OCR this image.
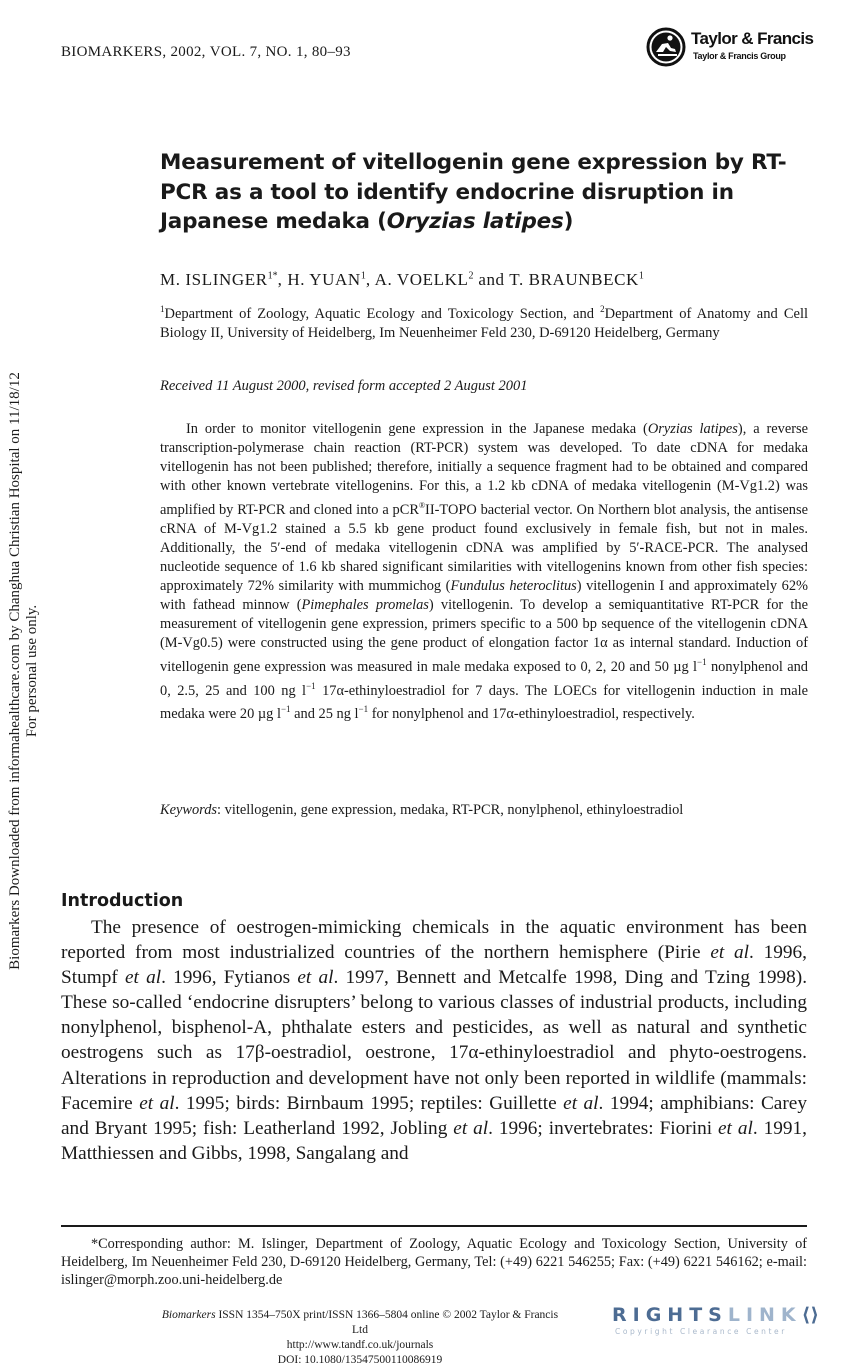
BIOMARKERS, 2002, VOL. 7, NO. 1, 80–93
Taylor & Francis
Taylor & Francis Group
Measurement of vitellogenin gene expression by RT-PCR as a tool to identify endocrine disruption in Japanese medaka (Oryzias latipes)
M. $ISLINGER^{1*}$, H. YUAN$^1$, A. VOELKL$^2$ and T. BRAUNBECK$^1$
$^1$Department of Zoology, Aquatic Ecology and Toxicology Section, and $^2$Department of Anatomy and Cell Biology II, University of Heidelberg, Im Neuenheimer Feld 230, D-69120 Heidelberg, Germany
Received 11 August 2000, revised form accepted 2 August 2001
In order to monitor vitellogenin gene expression in the Japanese medaka (Oryzias latipes), a reverse transcription-polymerase chain reaction (RT-PCR) system was developed. To date cDNA for medaka vitellogenin has not been published; therefore, initially a sequence fragment had to be obtained and compared with other known vertebrate vitellogenins. For this, a 1.2 kb cDNA of medaka vitellogenin (M-Vg1.2) was amplified by RT-PCR and cloned into a pCR®II-TOPO bacterial vector. On Northern blot analysis, the antisense cRNA of M-Vg1.2 stained a 5.5 kb gene product found exclusively in female fish, but not in males. Additionally, the 5′-end of medaka vitellogenin cDNA was amplified by 5′-RACE-PCR. The analysed nucleotide sequence of 1.6 kb shared significant similarities with vitellogenins known from other fish species: approximately 72% similarity with mummichog (Fundulus heteroclitus) vitellogenin I and approximately 62% with fathead minnow (Pimephales promelas) vitellogenin. To develop a semiquantitative RT-PCR for the measurement of vitellogenin gene expression, primers specific to a 500 bp sequence of the vitellogenin cDNA (M-Vg0.5) were constructed using the gene product of elongation factor 1α as internal standard. Induction of vitellogenin gene expression was measured in male medaka exposed to 0, 2, 20 and 50 µg $l^{-1}$ nonylphenol and 0, 2.5, 25 and 100 ng $l^{-1}$ 17α-ethinyloestradiol for 7 days. The LOECs for vitellogenin induction in male medaka were 20 µg $l^{-1}$ and 25 ng $l^{-1}$ for nonylphenol and 17α-ethinyloestradiol, respectively.
Keywords: vitellogenin, gene expression, medaka, RT-PCR, nonylphenol, ethinyloestradiol
Introduction
The presence of oestrogen-mimicking chemicals in the aquatic environment has been reported from most industrialized countries of the northern hemisphere (Pirie et al. 1996, Stumpf et al. 1996, Fytianos et al. 1997, Bennett and Metcalfe 1998, Ding and Tzing 1998). These so-called ‘endocrine disrupters’ belong to various classes of industrial products, including nonylphenol, bisphenol-A, phthalate esters and pesticides, as well as natural and synthetic oestrogens such as 17β-oestradiol, oestrone, 17α-ethinyloestradiol and phyto-oestrogens. Alterations in reproduction and development have not only been reported in wildlife (mammals: Facemire et al. 1995; birds: Birnbaum 1995; reptiles: Guillette et al. 1994; amphibians: Carey and Bryant 1995; fish: Leatherland 1992, Jobling et al. 1996; invertebrates: Fiorini et al. 1991, Matthiessen and Gibbs, 1998, Sangalang and
*Corresponding author: M. Islinger, Department of Zoology, Aquatic Ecology and Toxicology Section, University of Heidelberg, Im Neuenheimer Feld 230, D-69120 Heidelberg, Germany, Tel: (+49) 6221 546255; Fax: (+49) 6221 546162; e-mail: islinger@morph.zoo.uni-heidelberg.de
Biomarkers ISSN 1354–750X print/ISSN 1366–5804 online © 2002 Taylor & Francis Ltd
http://www.tandf.co.uk/journals
DOI: 10.1080/13547500110086919
RIGHTSLINK⟨⟩
Copyright Clearance Center
Biomarkers Downloaded from informahealthcare.com by Changhua Christian Hospital on 11/18/12 For personal use only.
